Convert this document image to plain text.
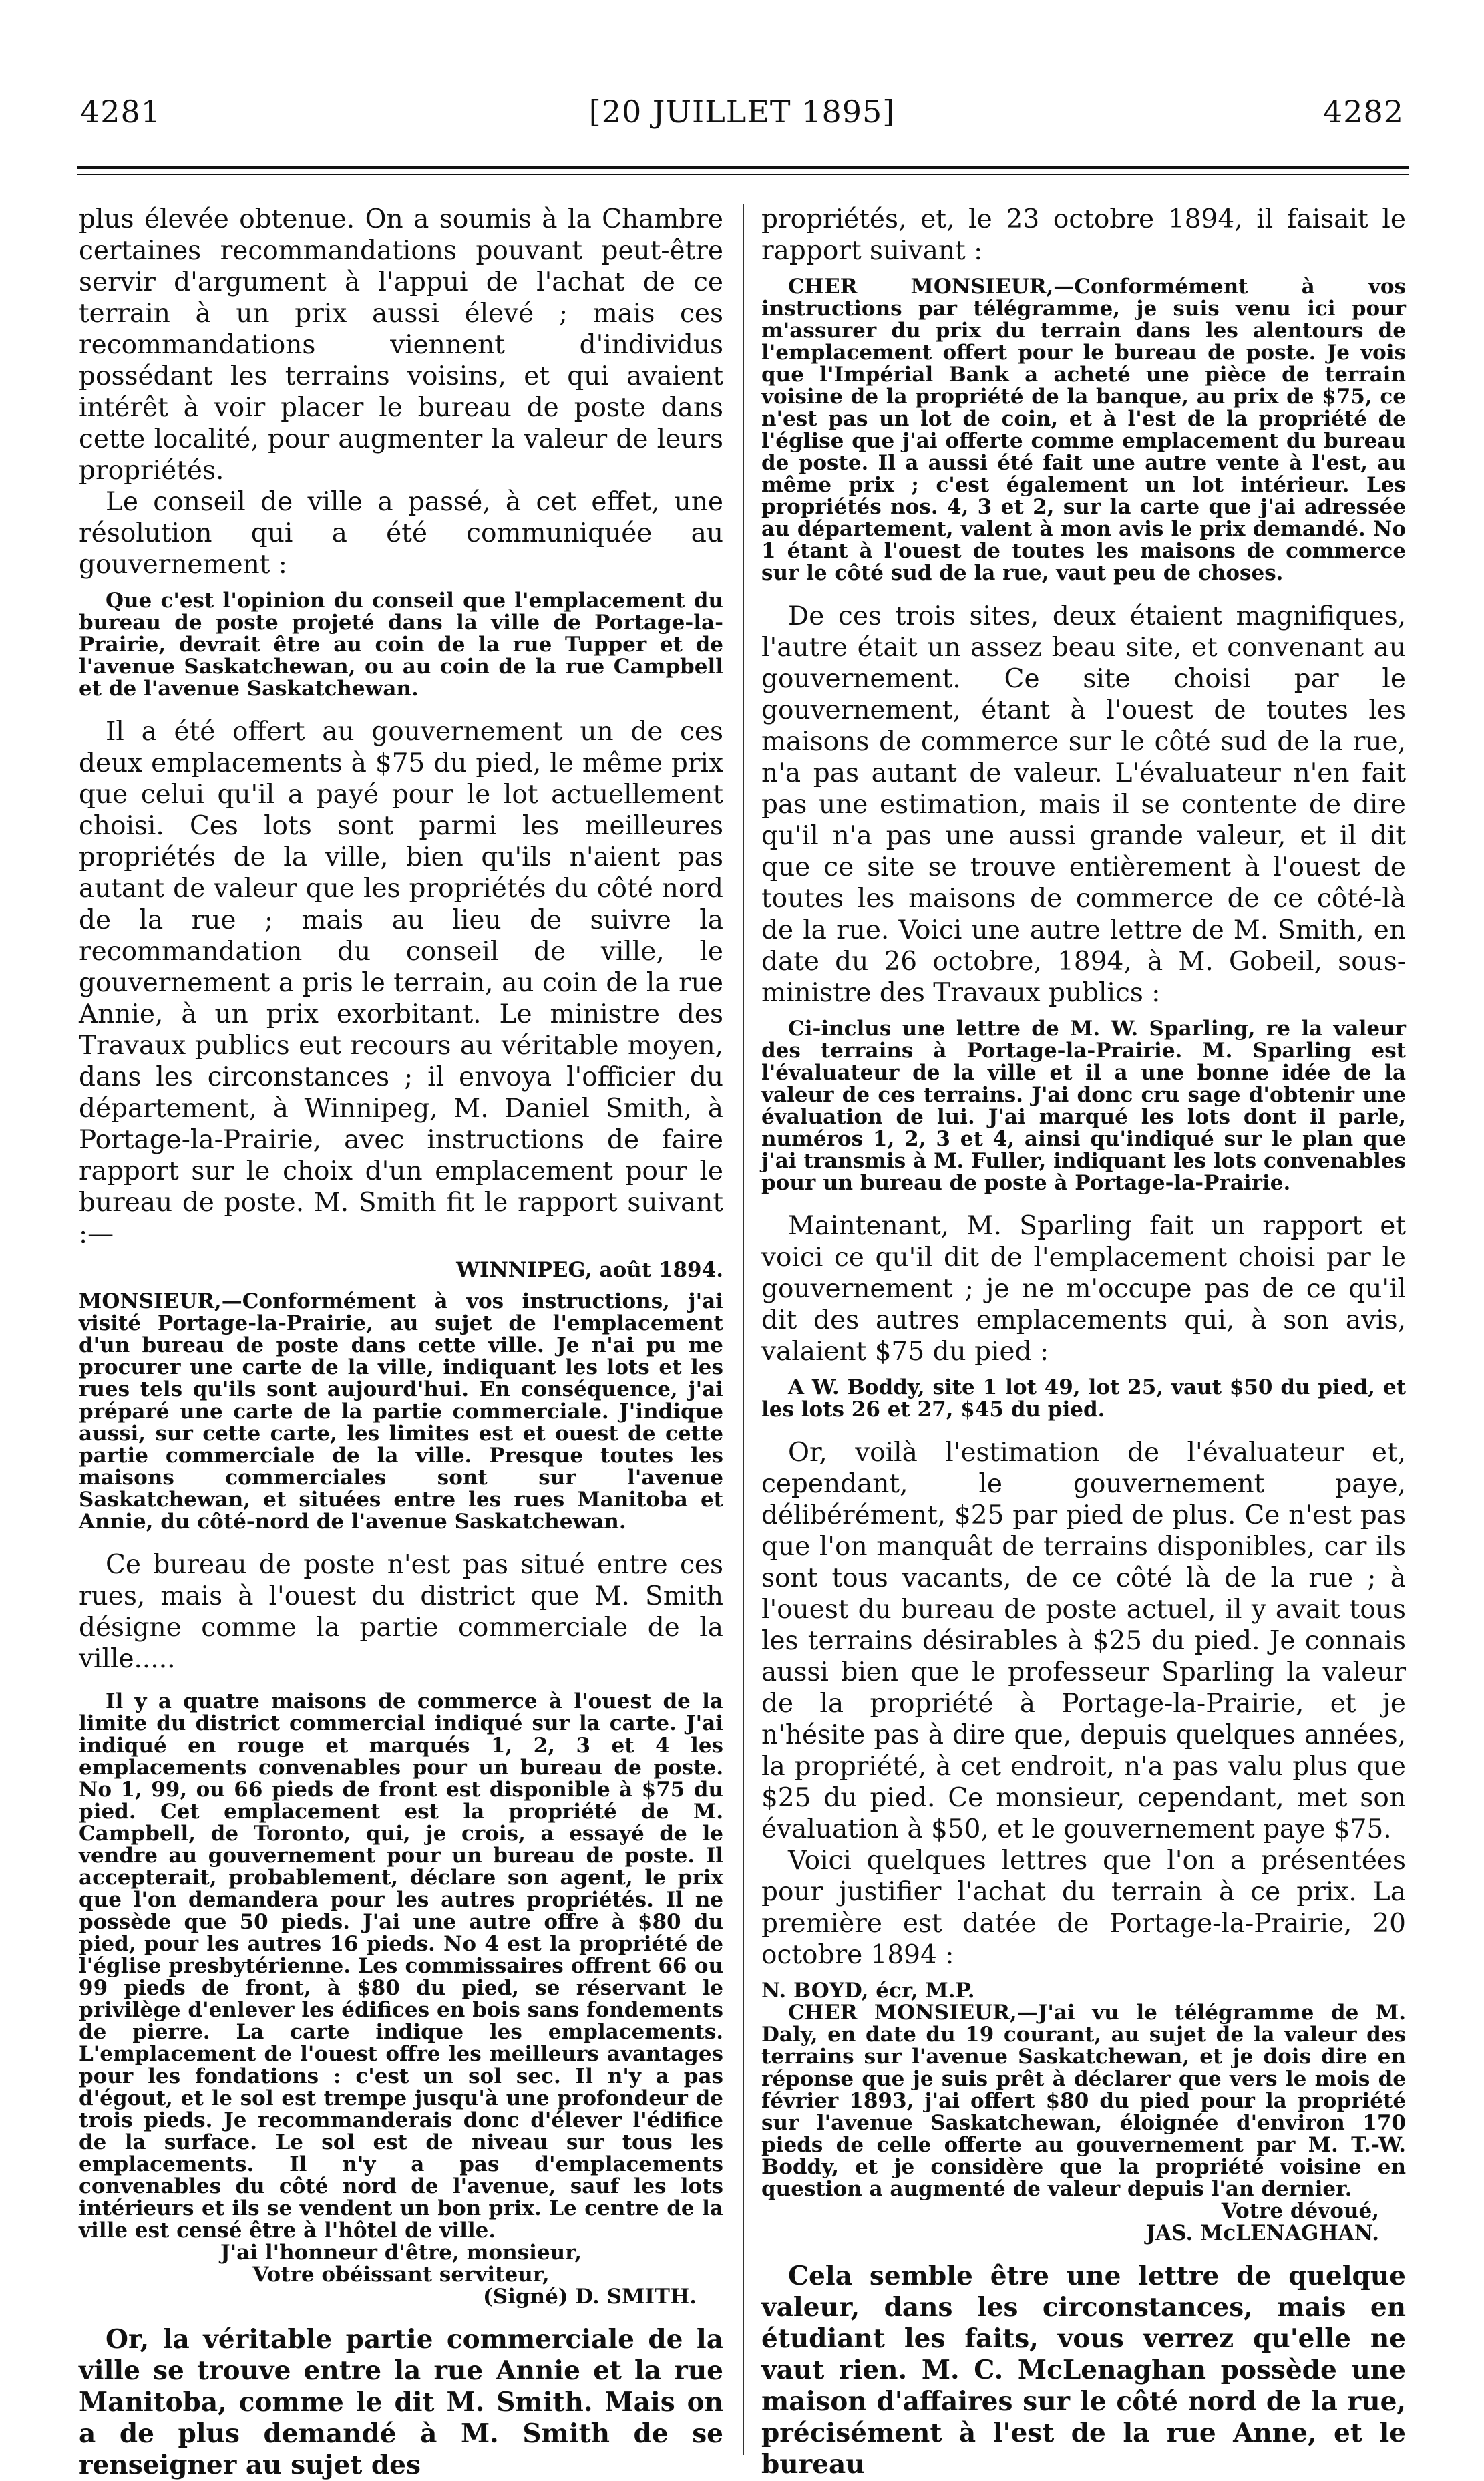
[20 JUILLET 1895]
4281	4282

plus élevée obtenue. On a soumis à la Chambre certaines recommandations pouvant peut-être servir d'argument à l'appui de l'achat de ce terrain à un prix aussi élevé ; mais ces recommandations viennent d'individus possédant les terrains voisins, et qui avaient intérêt à voir placer le bureau de poste dans cette localité, pour augmenter la valeur de leurs propriétés.

Le conseil de ville a passé, à cet effet, une résolution qui a été communiquée au gouvernement :

Que c'est l'opinion du conseil que l'emplacement du bureau de poste projeté dans la ville de Portage-la-Prairie, devrait être au coin de la rue Tupper et de l'avenue Saskatchewan, ou au coin de la rue Campbell et de l'avenue Saskatchewan.

Il a été offert au gouvernement un de ces deux emplacements à $75 du pied, le même prix que celui qu'il a payé pour le lot actuellement choisi. Ces lots sont parmi les meilleures propriétés de la ville, bien qu'ils n'aient pas autant de valeur que les propriétés du côté nord de la rue ; mais au lieu de suivre la recommandation du conseil de ville, le gouvernement a pris le terrain, au coin de la rue Annie, à un prix exorbitant. Le ministre des Travaux publics eut recours au véritable moyen, dans les circonstances ; il envoya l'officier du département, à Winnipeg, M. Daniel Smith, à Portage-la-Prairie, avec instructions de faire rapport sur le choix d'un emplacement pour le bureau de poste. M. Smith fit le rapport suivant :—

WINNIPEG, août 1894.

MONSIEUR,—Conformément à vos instructions, j'ai visité Portage-la-Prairie, au sujet de l'emplacement d'un bureau de poste dans cette ville. Je n'ai pu me procurer une carte de la ville, indiquant les lots et les rues tels qu'ils sont aujourd'hui. En conséquence, j'ai préparé une carte de la partie commerciale. J'indique aussi, sur cette carte, les limites est et ouest de cette partie commerciale de la ville. Presque toutes les maisons commerciales sont sur l'avenue Saskatchewan, et situées entre les rues Manitoba et Annie, du côté-nord de l'avenue Saskatchewan.

Ce bureau de poste n'est pas situé entre ces rues, mais à l'ouest du district que M. Smith désigne comme la partie commerciale de la ville.....

Il y a quatre maisons de commerce à l'ouest de la limite du district commercial indiqué sur la carte. J'ai indiqué en rouge et marqués 1, 2, 3 et 4 les emplacements convenables pour un bureau de poste. No 1, 99, ou 66 pieds de front est disponible à $75 du pied. Cet emplacement est la propriété de M. Campbell, de Toronto, qui, je crois, a essayé de le vendre au gouvernement pour un bureau de poste. Il accepterait, probablement, déclare son agent, le prix que l'on demandera pour les autres propriétés. Il ne possède que 50 pieds. J'ai une autre offre à $80 du pied, pour les autres 16 pieds. No 4 est la propriété de l'église presbytérienne. Les commissaires offrent 66 ou 99 pieds de front, à $80 du pied, se réservant le privilège d'enlever les édifices en bois sans fondements de pierre. La carte indique les emplacements. L'emplacement de l'ouest offre les meilleurs avantages pour les fondations : c'est un sol sec. Il n'y a pas d'égout, et le sol est trempe jusqu'à une profondeur de trois pieds. Je recommanderais donc d'élever l'édifice de la surface. Le sol est de niveau sur tous les emplacements. Il n'y a pas d'emplacements convenables du côté nord de l'avenue, sauf les lots intérieurs et ils se vendent un bon prix. Le centre de la ville est censé être à l'hôtel de ville.

J'ai l'honneur d'être, monsieur,

Votre obéissant serviteur,

(Signé) D. SMITH.

Or, la véritable partie commerciale de la ville se trouve entre la rue Annie et la rue Manitoba, comme le dit M. Smith. Mais on a de plus demandé à M. Smith de se renseigner au sujet des

propriétés, et, le 23 octobre 1894, il faisait le rapport suivant :

CHER MONSIEUR,—Conformément à vos instructions par télégramme, je suis venu ici pour m'assurer du prix du terrain dans les alentours de l'emplacement offert pour le bureau de poste. Je vois que l'Impérial Bank a acheté une pièce de terrain voisine de la propriété de la banque, au prix de $75, ce n'est pas un lot de coin, et à l'est de la propriété de l'église que j'ai offerte comme emplacement du bureau de poste. Il a aussi été fait une autre vente à l'est, au même prix ; c'est également un lot intérieur. Les propriétés nos. 4, 3 et 2, sur la carte que j'ai adressée au département, valent à mon avis le prix demandé. No 1 étant à l'ouest de toutes les maisons de commerce sur le côté sud de la rue, vaut peu de choses.

De ces trois sites, deux étaient magnifiques, l'autre était un assez beau site, et convenant au gouvernement. Ce site choisi par le gouvernement, étant à l'ouest de toutes les maisons de commerce sur le côté sud de la rue, n'a pas autant de valeur. L'évaluateur n'en fait pas une estimation, mais il se contente de dire qu'il n'a pas une aussi grande valeur, et il dit que ce site se trouve entièrement à l'ouest de toutes les maisons de commerce de ce côté-là de la rue. Voici une autre lettre de M. Smith, en date du 26 octobre, 1894, à M. Gobeil, sous-ministre des Travaux publics :

Ci-inclus une lettre de M. W. Sparling, re la valeur des terrains à Portage-la-Prairie. M. Sparling est l'évaluateur de la ville et il a une bonne idée de la valeur de ces terrains. J'ai donc cru sage d'obtenir une évaluation de lui. J'ai marqué les lots dont il parle, numéros 1, 2, 3 et 4, ainsi qu'indiqué sur le plan que j'ai transmis à M. Fuller, indiquant les lots convenables pour un bureau de poste à Portage-la-Prairie.

Maintenant, M. Sparling fait un rapport et voici ce qu'il dit de l'emplacement choisi par le gouvernement ; je ne m'occupe pas de ce qu'il dit des autres emplacements qui, à son avis, valaient $75 du pied :

A W. Boddy, site 1 lot 49, lot 25, vaut $50 du pied, et les lots 26 et 27, $45 du pied.

Or, voilà l'estimation de l'évaluateur et, cependant, le gouvernement paye, délibérément, $25 par pied de plus. Ce n'est pas que l'on manquât de terrains disponibles, car ils sont tous vacants, de ce côté là de la rue ; à l'ouest du bureau de poste actuel, il y avait tous les terrains désirables à $25 du pied. Je connais aussi bien que le professeur Sparling la valeur de la propriété à Portage-la-Prairie, et je n'hésite pas à dire que, depuis quelques années, la propriété, à cet endroit, n'a pas valu plus que $25 du pied. Ce monsieur, cependant, met son évaluation à $50, et le gouvernement paye $75.

Voici quelques lettres que l'on a présentées pour justifier l'achat du terrain à ce prix. La première est datée de Portage-la-Prairie, 20 octobre 1894 :

N. BOYD, écr, M.P.

CHER MONSIEUR,—J'ai vu le télégramme de M. Daly, en date du 19 courant, au sujet de la valeur des terrains sur l'avenue Saskatchewan, et je dois dire en réponse que je suis prêt à déclarer que vers le mois de février 1893, j'ai offert $80 du pied pour la propriété sur l'avenue Saskatchewan, éloignée d'environ 170 pieds de celle offerte au gouvernement par M. T.-W. Boddy, et je considère que la propriété voisine en question a augmenté de valeur depuis l'an dernier.

Votre dévoué,

JAS. McLENAGHAN.

Cela semble être une lettre de quelque valeur, dans les circonstances, mais en étudiant les faits, vous verrez qu'elle ne vaut rien. M. C. McLenaghan possède une maison d'affaires sur le côté nord de la rue, précisément à l'est de la rue Anne, et le bureau
